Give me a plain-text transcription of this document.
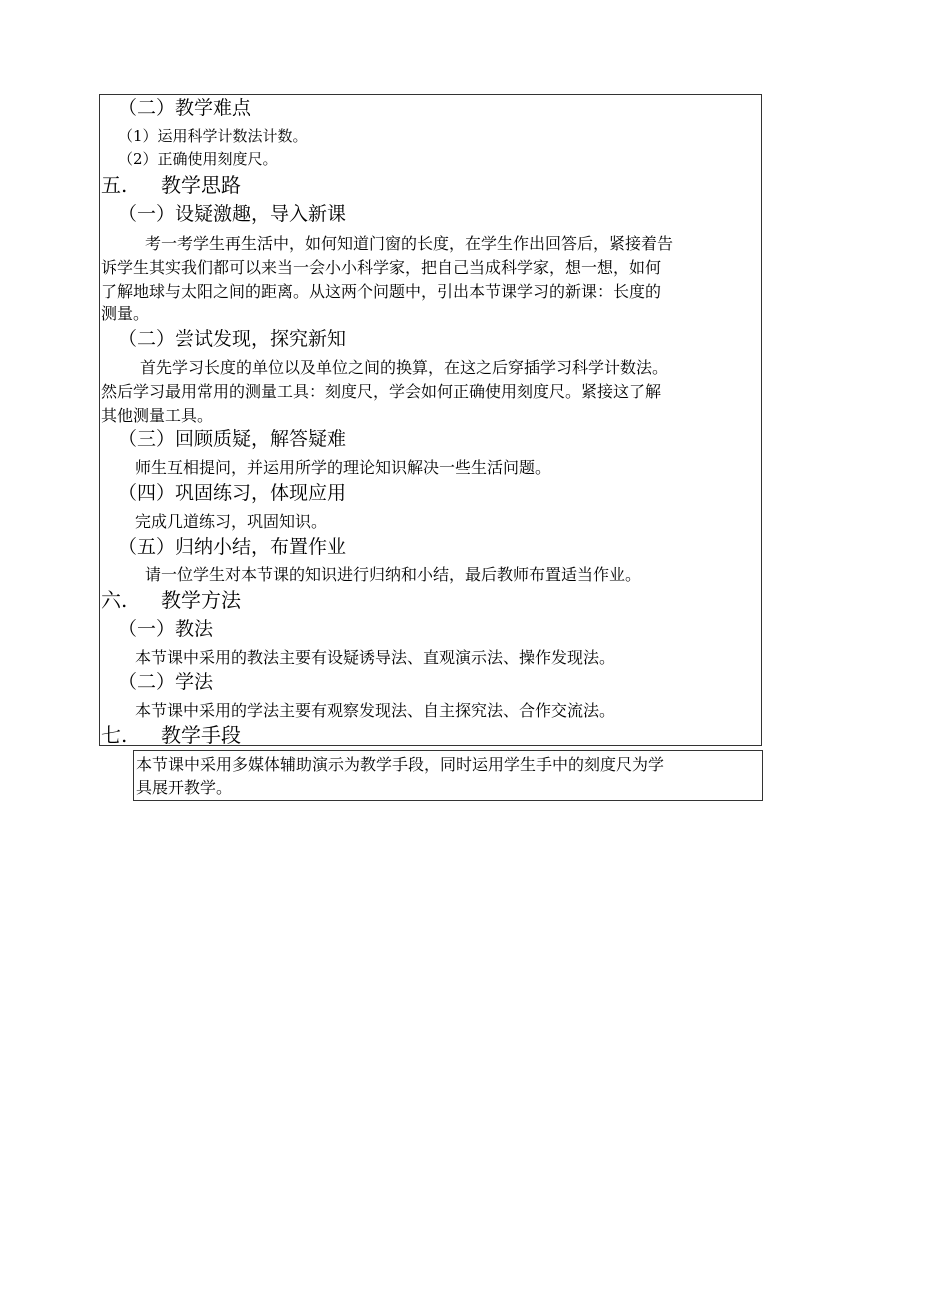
（二）教学难点
（1）运用科学计数法计数。
（2）正确使用刻度尺。
五. 教学思路
（一）设疑激趣，导入新课
考一考学生再生活中，如何知道门窗的长度，在学生作出回答后，紧接着告
诉学生其实我们都可以来当一会小小科学家，把自己当成科学家，想一想，如何
了解地球与太阳之间的距离。从这两个问题中，引出本节课学习的新课：长度的
测量。
（二）尝试发现，探究新知
首先学习长度的单位以及单位之间的换算，在这之后穿插学习科学计数法。
然后学习最用常用的测量工具：刻度尺，学会如何正确使用刻度尺。紧接这了解
其他测量工具。
（三）回顾质疑，解答疑难
师生互相提问，并运用所学的理论知识解决一些生活问题。
（四）巩固练习，体现应用
完成几道练习，巩固知识。
（五）归纳小结，布置作业
请一位学生对本节课的知识进行归纳和小结，最后教师布置适当作业。
六. 教学方法
（一）教法
本节课中采用的教法主要有设疑诱导法、直观演示法、操作发现法。
（二）学法
本节课中采用的学法主要有观察发现法、自主探究法、合作交流法。
七. 教学手段
本节课中采用多媒体辅助演示为教学手段，同时运用学生手中的刻度尺为学
具展开教学。
